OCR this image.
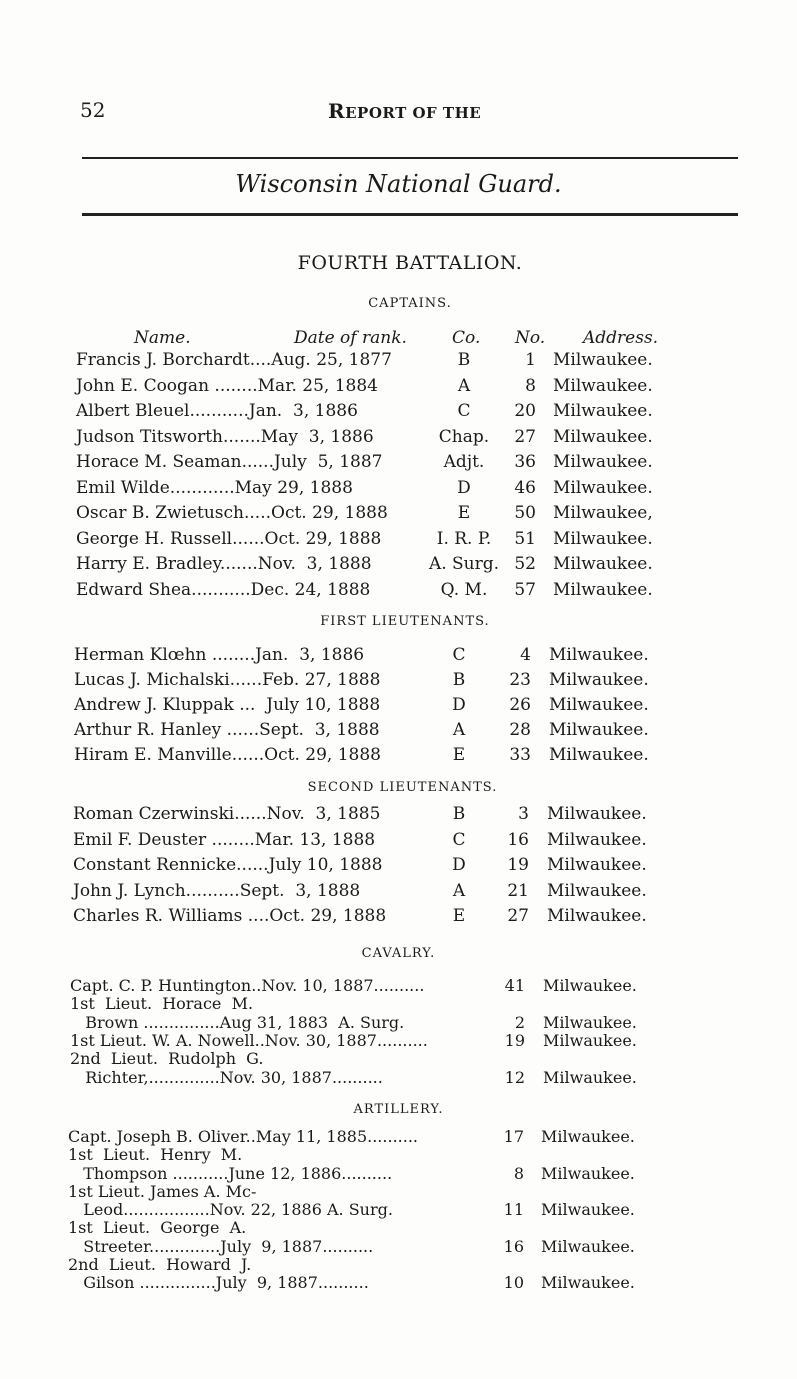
52	REPORT OF THE
Wisconsin National Guard.
FOURTH BATTALION.
CAPTAINS.
Name.	Date of rank.	Co. No. Address.
Francis J. Borchardt....Aug. 25, 1877	B	1 Milwaukee.
John E. Coogan ........Mar. 25, 1884	A	8 Milwaukee.
Albert Bleuel...........Jan.  3, 1886	C	20 Milwaukee.
Judson Titsworth.......May  3, 1886	Chap.	27 Milwaukee.
Horace M. Seaman......July  5, 1887	Adjt.	36 Milwaukee.
Emil Wilde............May 29, 1888	D	46 Milwaukee.
Oscar B. Zwietusch.....Oct. 29, 1888	E	50 Milwaukee,
George H. Russell......Oct. 29, 1888	I. R. P.	51 Milwaukee.
Harry E. Bradley.......Nov.  3, 1888	A. Surg. 52 Milwaukee.
Edward Shea...........Dec. 24, 1888	Q. M.	57 Milwaukee.
FIRST LIEUTENANTS.
Herman Klœhn ........Jan.  3, 1886	C	4 Milwaukee.
Lucas J. Michalski......Feb. 27, 1888	B	23 Milwaukee.
Andrew J. Kluppak ...  July 10, 1888	D	26 Milwaukee.
Arthur R. Hanley ......Sept.  3, 1888	A	28 Milwaukee.
Hiram E. Manville......Oct. 29, 1888	E	33 Milwaukee.
SECOND LIEUTENANTS.
Roman Czerwinski......Nov.  3, 1885	B	3 Milwaukee.
Emil F. Deuster ........Mar. 13, 1888	C	16 Milwaukee.
Constant Rennicke......July 10, 1888	D	19 Milwaukee.
John J. Lynch..........Sept.  3, 1888	A	21 Milwaukee.
Charles R. Williams ....Oct. 29, 1888	E	27 Milwaukee.
CAVALRY.
Capt. C. P. Huntington..Nov. 10, 1887..........	41 Milwaukee.
1st  Lieut.  Horace  M.
Brown ...............Aug 31, 1883  A. Surg.	2 Milwaukee.
1st Lieut. W. A. Nowell..Nov. 30, 1887..........	19 Milwaukee.
2nd  Lieut.  Rudolph  G.
Richter,..............Nov. 30, 1887..........	12 Milwaukee.
ARTILLERY.
Capt. Joseph B. Oliver..May 11, 1885..........	17 Milwaukee.
1st  Lieut.  Henry  M.
Thompson ...........June 12, 1886..........	8 Milwaukee.
1st Lieut. James A. Mc-
Leod.................Nov. 22, 1886 A. Surg.	11 Milwaukee.
1st  Lieut.  George  A.
Streeter..............July  9, 1887..........	16 Milwaukee.
2nd  Lieut.  Howard  J.
Gilson ...............July  9, 1887..........	10 Milwaukee.
